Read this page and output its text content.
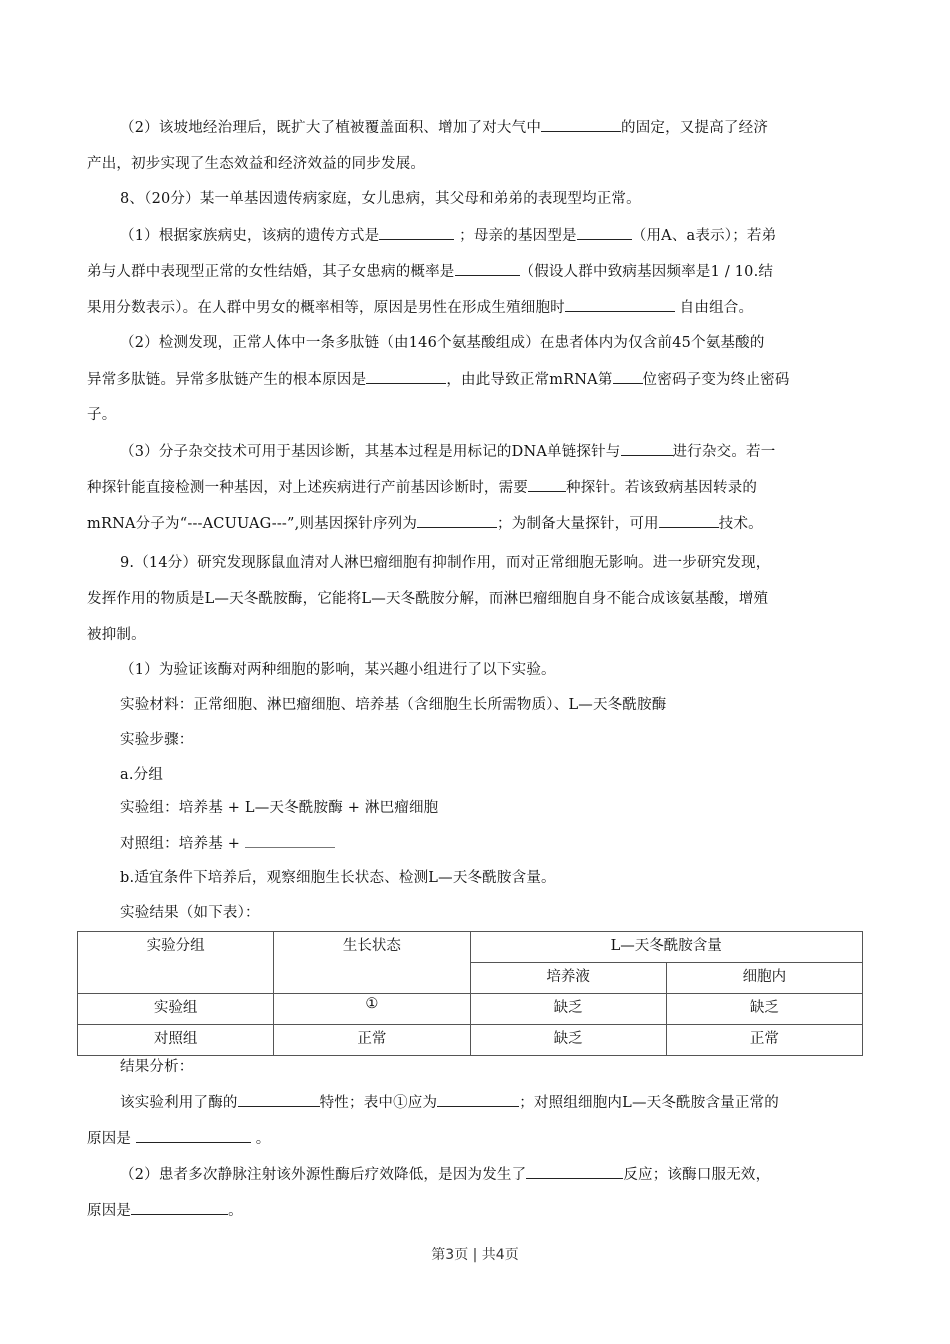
（2）该坡地经治理后，既扩大了植被覆盖面积、增加了对大气中	的固定，又提高了经济
产出，初步实现了生态效益和经济效益的同步发展。
8、（20分）某一单基因遗传病家庭，女儿患病，其父母和弟弟的表现型均正常。
（1）根据家族病史，该病的遗传方式是	；母亲的基因型是	（用A、a表示）；若弟
弟与人群中表现型正常的女性结婚，其子女患病的概率是	（假设人群中致病基因频率是1 / 10.结
果用分数表示）。在人群中男女的概率相等，原因是男性在形成生殖细胞时	自由组合。
（2）检测发现，正常人体中一条多肽链（由146个氨基酸组成）在患者体内为仅含前45个氨基酸的
异常多肽链。异常多肽链产生的根本原因是	，由此导致正常mRNA第 位密码子变为终止密码
子。
（3）分子杂交技术可用于基因诊断，其基本过程是用标记的DNA单链探针与	进行杂交。若一
种探针能直接检测一种基因，对上述疾病进行产前基因诊断时，需要	种探针。若该致病基因转录的
mRNA分子为“---ACUUAG---”,则基因探针序列为	；为制备大量探针，可用	技术。
9.（14分）研究发现豚鼠血清对人淋巴瘤细胞有抑制作用，而对正常细胞无影响。进一步研究发现，
发挥作用的物质是L—天冬酰胺酶，它能将L—天冬酰胺分解，而淋巴瘤细胞自身不能合成该氨基酸，增殖
被抑制。
（1）为验证该酶对两种细胞的影响，某兴趣小组进行了以下实验。
实验材料：正常细胞、淋巴瘤细胞、培养基（含细胞生长所需物质）、L—天冬酰胺酶
实验步骤：
a.分组
实验组：培养基 + L—天冬酰胺酶 + 淋巴瘤细胞
对照组：培养基 +
b.适宜条件下培养后，观察细胞生长状态、检测L—天冬酰胺含量。
实验结果（如下表）：
实验分组	生长状态	L—天冬酰胺含量	
		培养液	细胞内
实验组	①	缺乏	缺乏
对照组	正常	缺乏	正常
结果分析：
该实验利用了酶的	特性；表中①应为	；对照组细胞内L—天冬酰胺含量正常的
原因是	。
（2）患者多次静脉注射该外源性酶后疗效降低，是因为发生了	反应；该酶口服无效，
原因是	。
第3页 | 共4页
